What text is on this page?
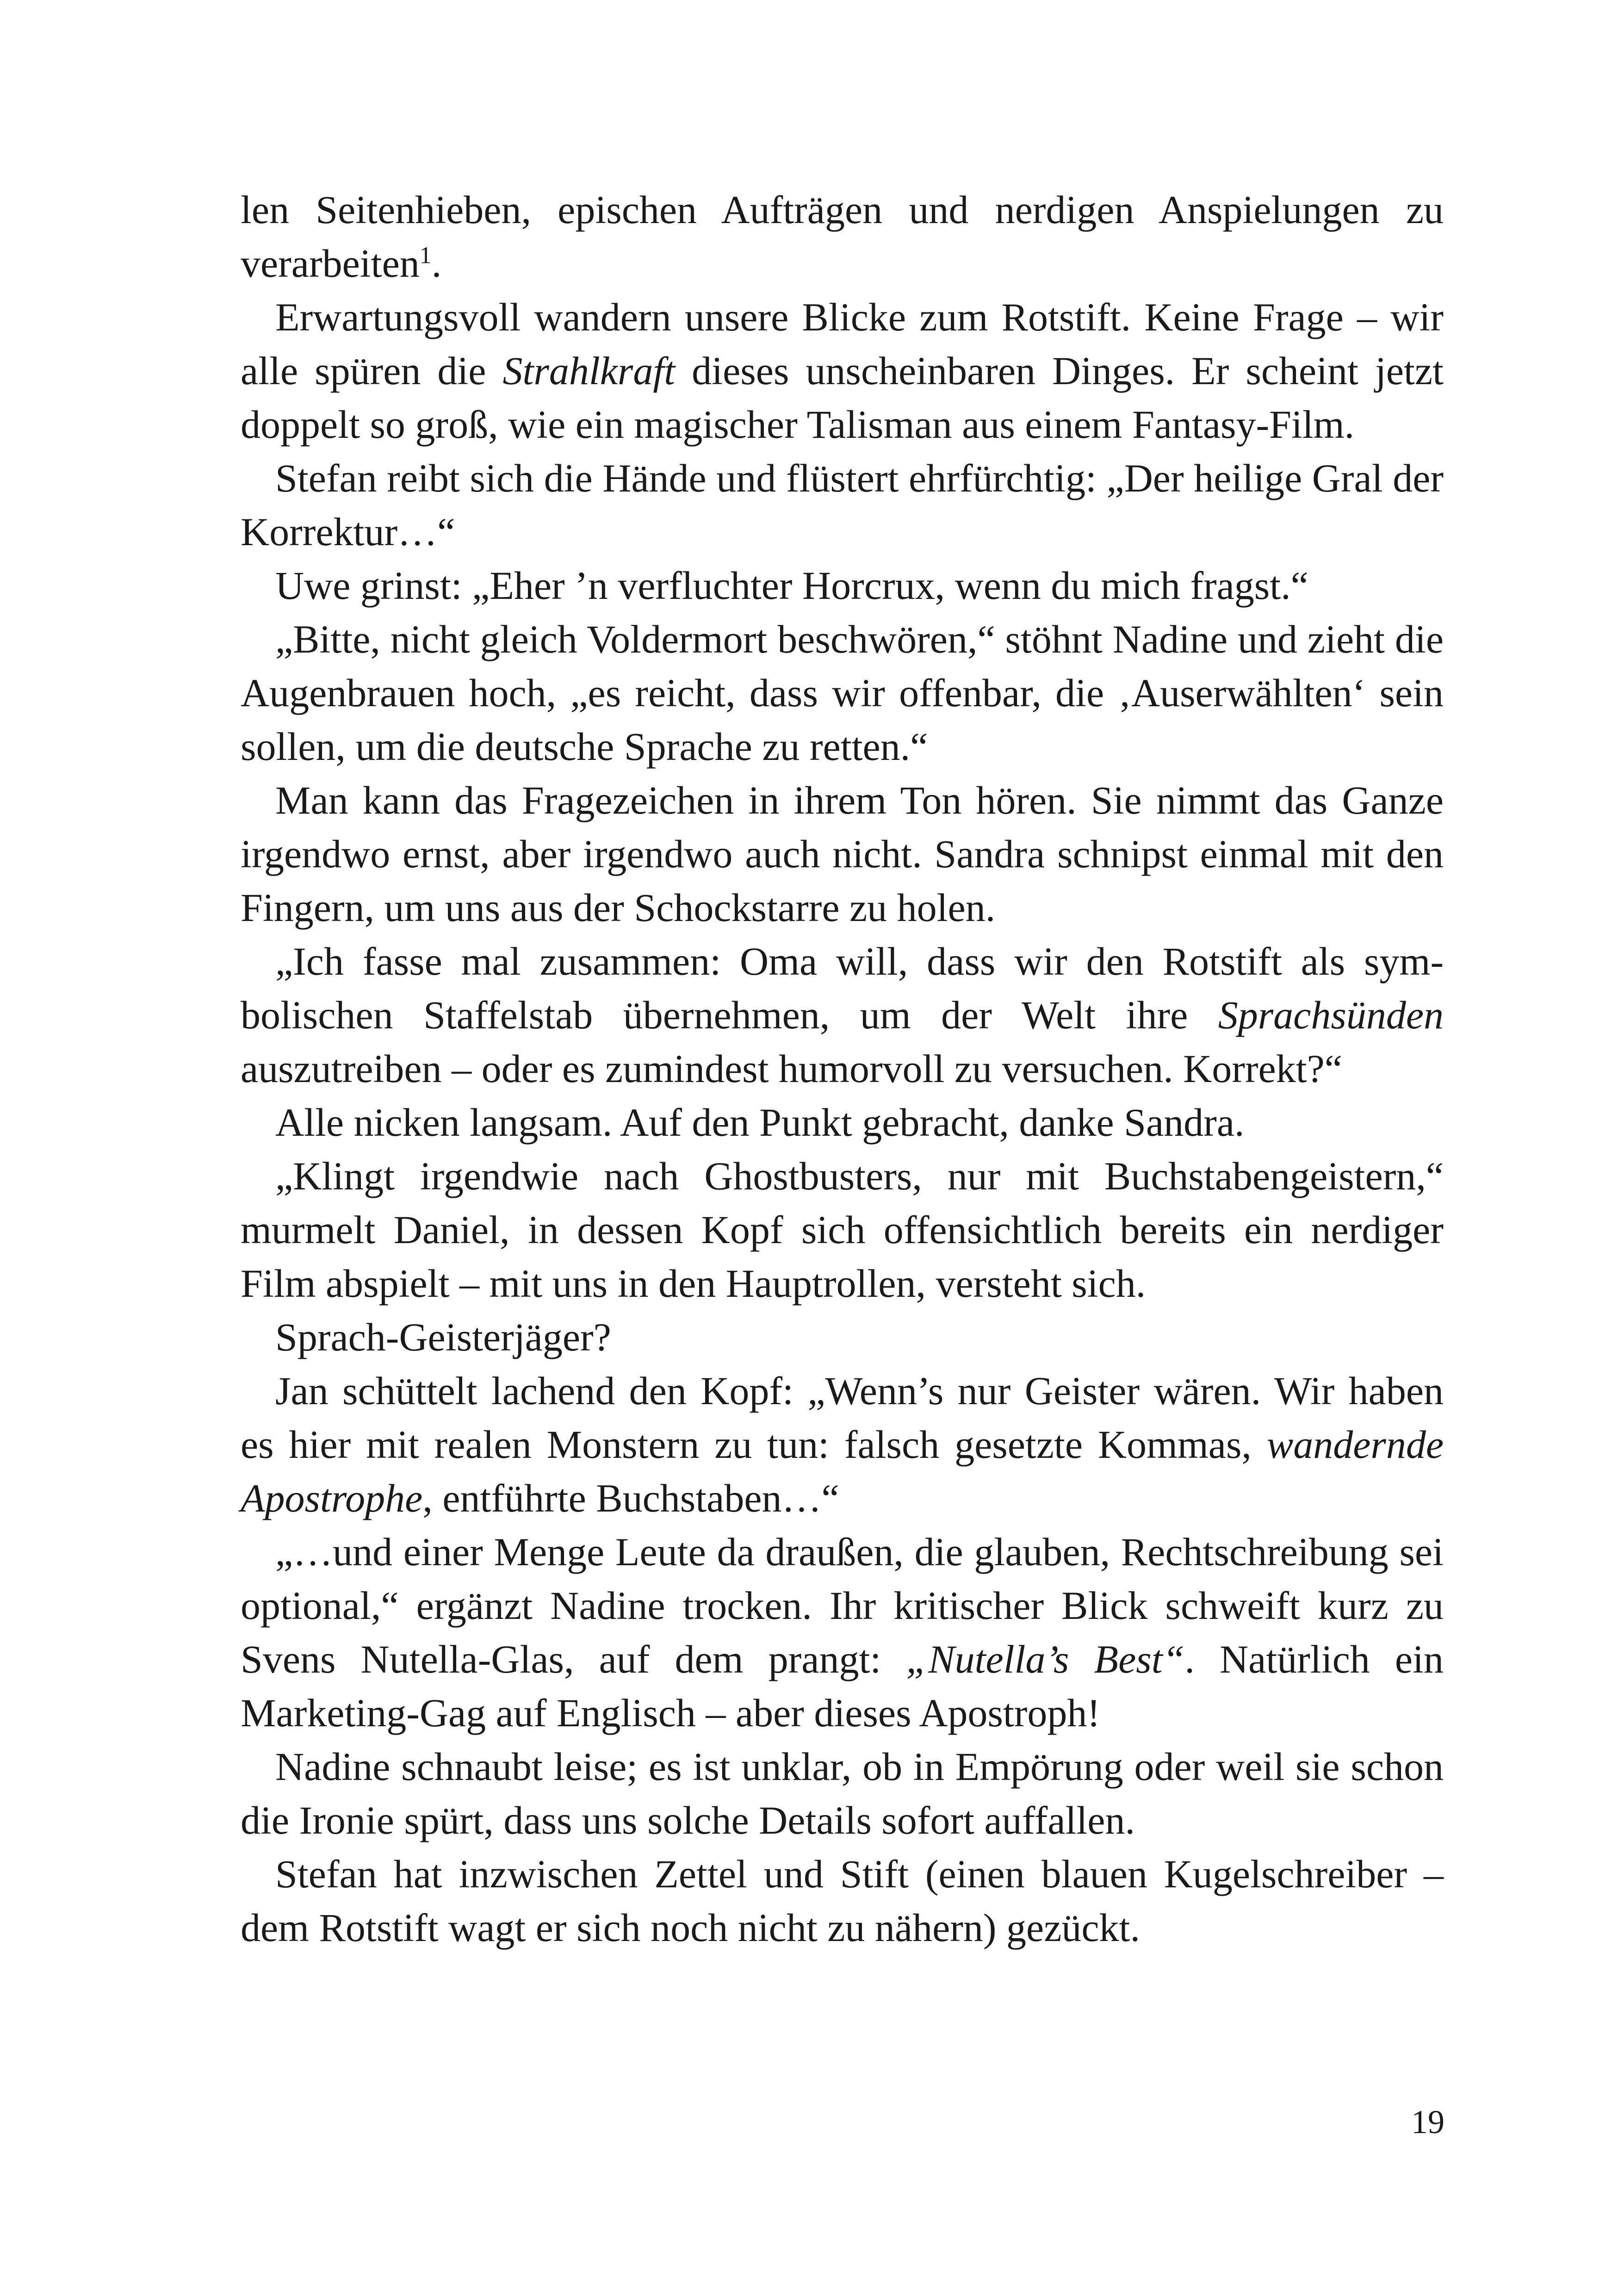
len Seitenhieben, epischen Aufträgen und nerdigen Anspielungen zu verarbeiten$^1$.

Erwartungsvoll wandern unsere Blicke zum Rotstift. Keine Frage – wir alle spüren die Strahlkraft dieses unscheinbaren Dinges. Er scheint jetzt doppelt so groß, wie ein magischer Talisman aus einem Fantasy-Film.

Stefan reibt sich die Hände und flüstert ehrfürchtig: „Der heilige Gral der Korrektur…“

Uwe grinst: „Eher ’n verfluchter Horcrux, wenn du mich fragst.“

„Bitte, nicht gleich Voldermort beschwören,“ stöhnt Nadine und zieht die Augenbrauen hoch, „es reicht, dass wir offenbar, die ‚Auserwählten‘ sein sollen, um die deutsche Sprache zu retten.“

Man kann das Fragezeichen in ihrem Ton hören. Sie nimmt das Ganze irgendwo ernst, aber irgendwo auch nicht. Sandra schnipst einmal mit den Fingern, um uns aus der Schockstarre zu holen.

„Ich fasse mal zusammen: Oma will, dass wir den Rotstift als symbolischen Staffelstab übernehmen, um der Welt ihre Sprachsünden auszutreiben – oder es zumindest humorvoll zu versuchen. Korrekt?“

Alle nicken langsam. Auf den Punkt gebracht, danke Sandra.

„Klingt irgendwie nach Ghostbusters, nur mit Buchstabengeistern,“ murmelt Daniel, in dessen Kopf sich offensichtlich bereits ein nerdiger Film abspielt – mit uns in den Hauptrollen, versteht sich.

Sprach-Geisterjäger?

Jan schüttelt lachend den Kopf: „Wenn’s nur Geister wären. Wir haben es hier mit realen Monstern zu tun: falsch gesetzte Kommas, wandernde Apostrophe, entführte Buchstaben…“

„…und einer Menge Leute da draußen, die glauben, Rechtschreibung sei optional,“ ergänzt Nadine trocken. Ihr kritischer Blick schweift kurz zu Svens Nutella-Glas, auf dem prangt: „Nutella’s Best“. Natürlich ein Marketing-Gag auf Englisch – aber dieses Apostroph!

Nadine schnaubt leise; es ist unklar, ob in Empörung oder weil sie schon die Ironie spürt, dass uns solche Details sofort auffallen.

Stefan hat inzwischen Zettel und Stift (einen blauen Kugelschreiber – dem Rotstift wagt er sich noch nicht zu nähern) gezückt.

19
